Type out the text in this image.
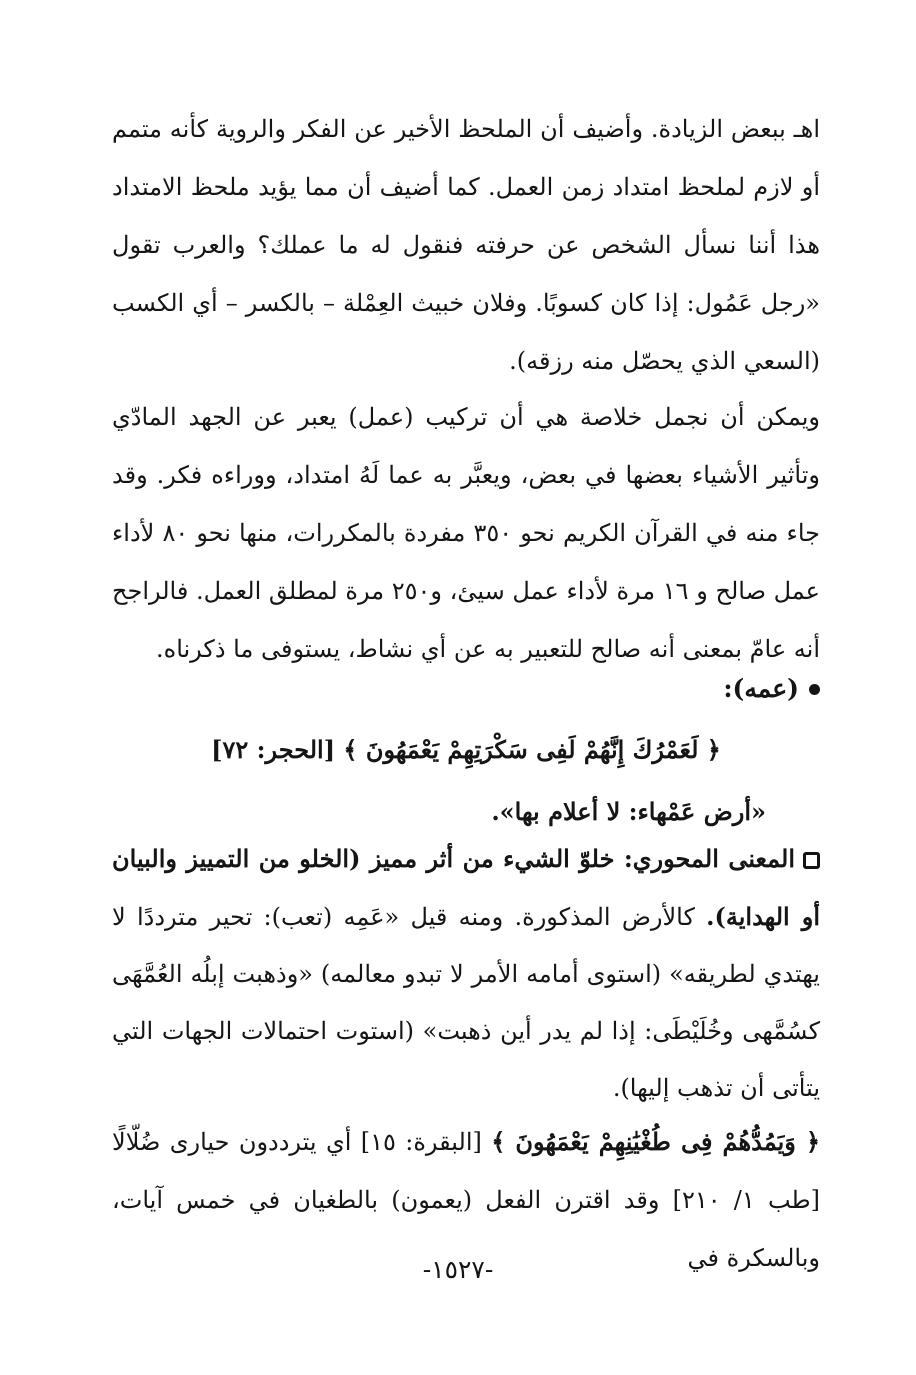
اهـ ببعض الزيادة. وأضيف أن الملحظ الأخير عن الفكر والروية كأنه متمم أو لازم لملحظ امتداد زمن العمل. كما أضيف أن مما يؤيد ملحظ الامتداد هذا أننا نسأل الشخص عن حرفته فنقول له ما عملك؟ والعرب تقول «رجل عَمُول: إذا كان كسوبًا. وفلان خبيث العِمْلة – بالكسر – أي الكسب (السعي الذي يحصّل منه رزقه).
ويمكن أن نجمل خلاصة هي أن تركيب (عمل) يعبر عن الجهد المادّي وتأثير الأشياء بعضها في بعض، ويعبَّر به عما لَهُ امتداد، ووراءه فكر. وقد جاء منه في القرآن الكريم نحو ٣٥٠ مفردة بالمكررات، منها نحو ٨٠ لأداء عمل صالح و ١٦ مرة لأداء عمل سيئ، و٢٥٠ مرة لمطلق العمل. فالراجح أنه عامّ بمعنى أنه صالح للتعبير به عن أي نشاط، يستوفى ما ذكرناه.
(عمه):
﴿ لَعَمْرُكَ إِنَّهُمْ لَفِى سَكْرَتِهِمْ يَعْمَهُونَ ﴾ [الحجر: ٧٢]
«أرض عَمْهاء: لا أعلام بها».
المعنى المحوري: خلوّ الشيء من أثر مميز (الخلو من التمييز والبيان أو الهداية). كالأرض المذكورة. ومنه قيل «عَمِه (تعب): تحير مترددًا لا يهتدي لطريقه» (استوى أمامه الأمر لا تبدو معالمه) «وذهبت إبلُه العُمَّهَى كسُمَّهى وخُلَيْطَى: إذا لم يدر أين ذهبت» (استوت احتمالات الجهات التي يتأتى أن تذهب إليها).
﴿ وَيَمُدُّهُمْ فِى طُغْيَٰنِهِمْ يَعْمَهُونَ ﴾ [البقرة: ١٥] أي يترددون حيارى ضُلّالًا [طب ١/ ٢١٠] وقد اقترن الفعل (يعمون) بالطغيان في خمس آيات، وبالسكرة في
-١٥٢٧-
